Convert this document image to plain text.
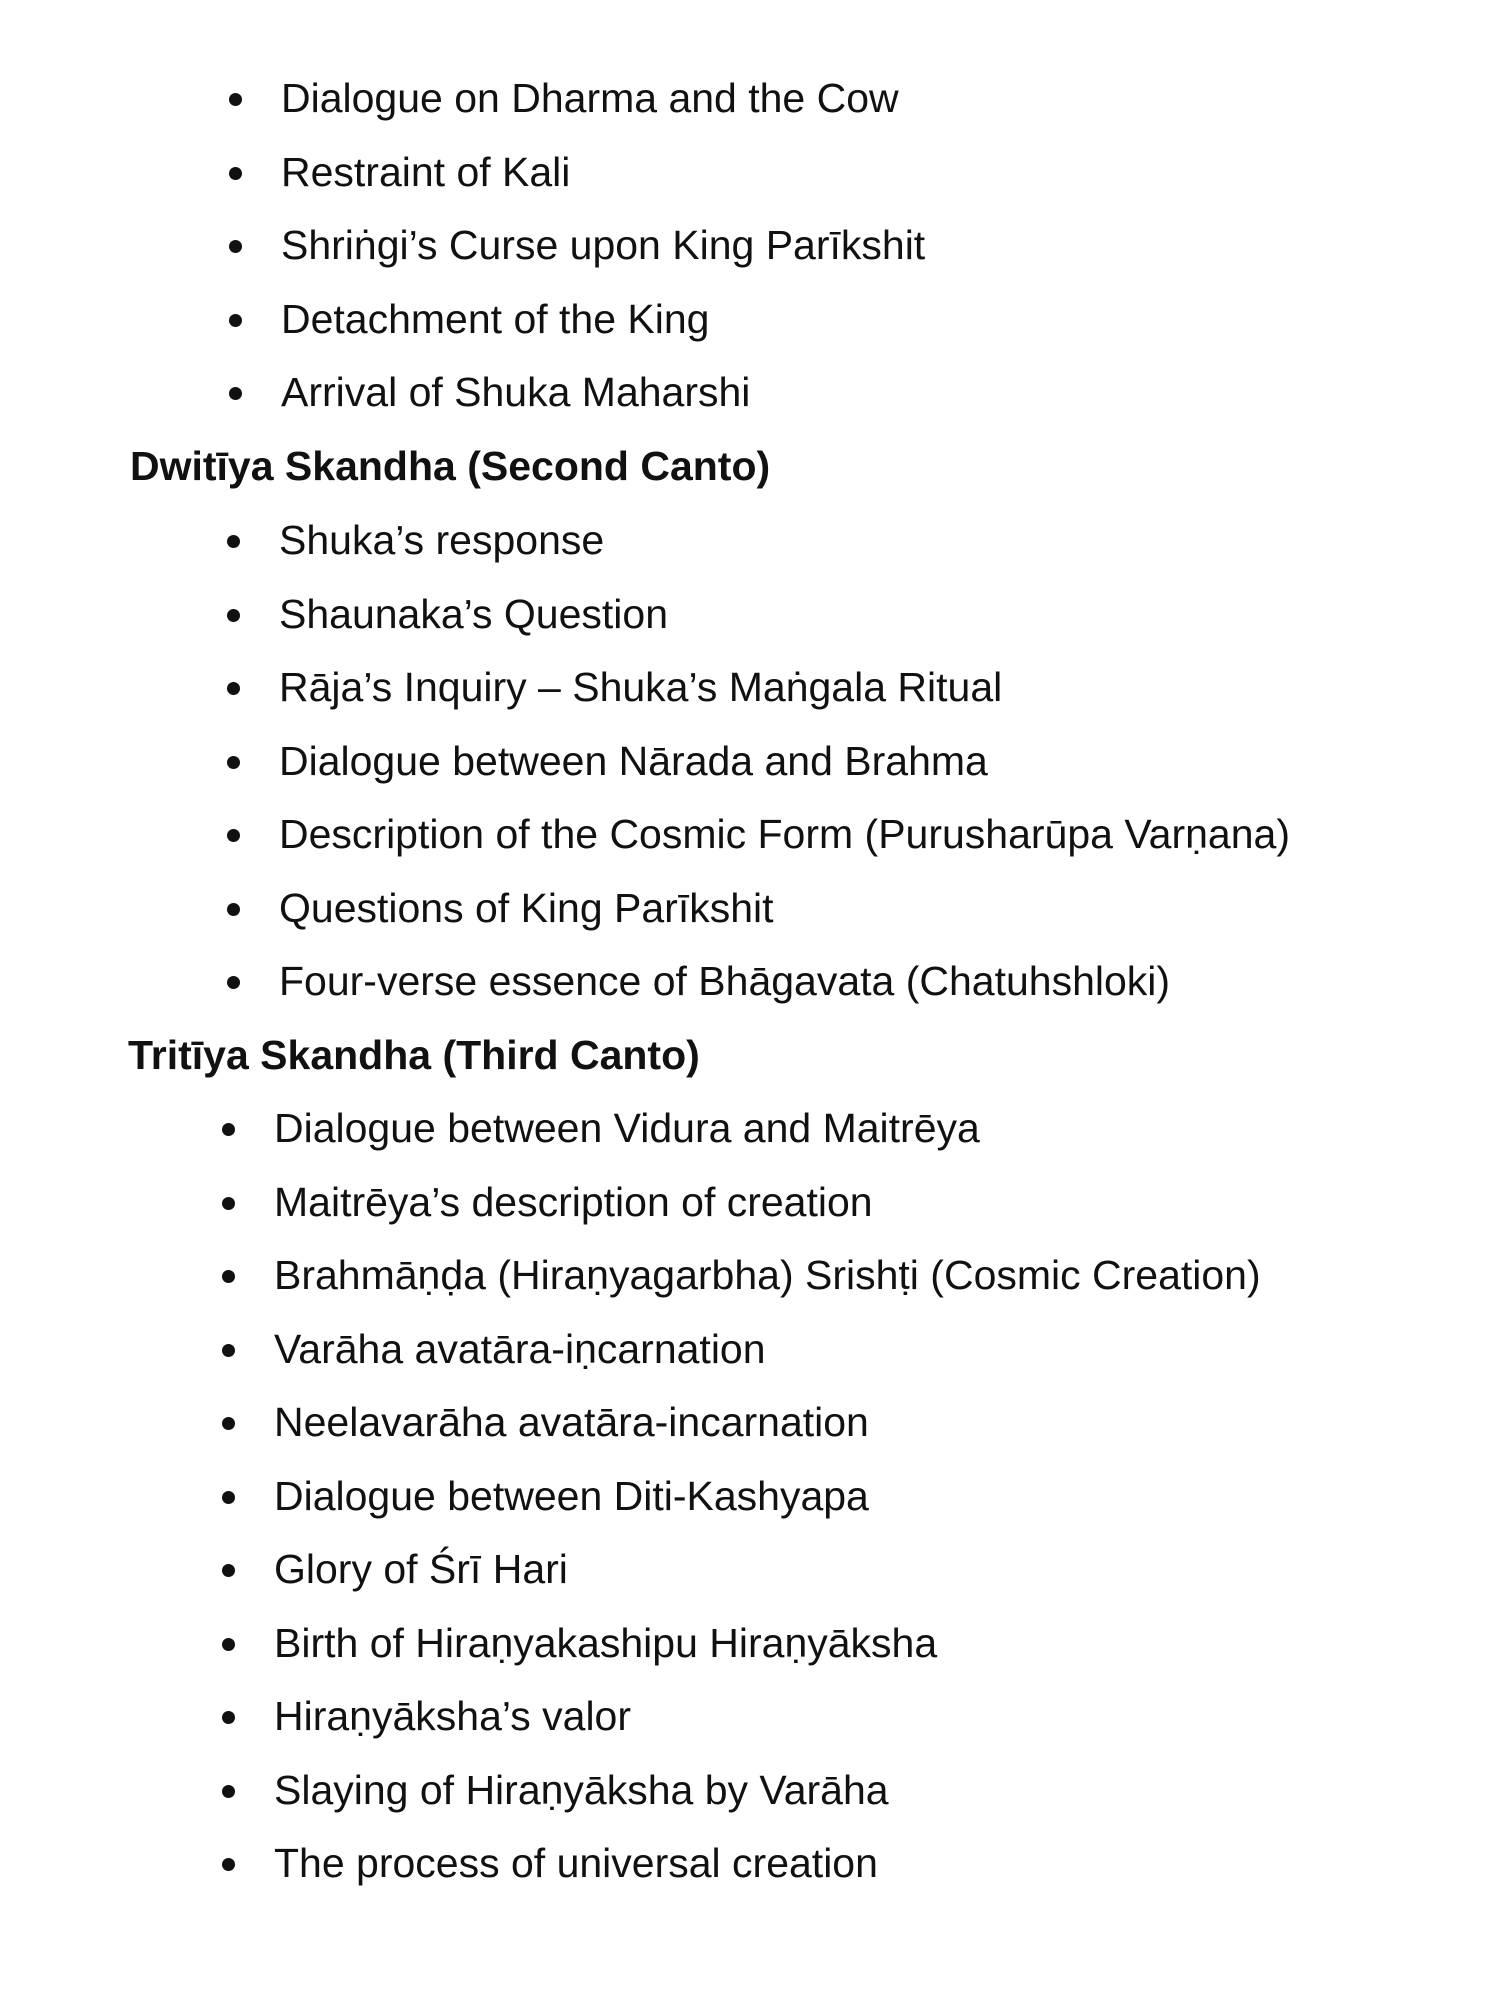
Dialogue on Dharma and the Cow
Restraint of Kali
Shriṅgi’s Curse upon King Parīkshit
Detachment of the King
Arrival of Shuka Maharshi
Dwitīya Skandha (Second Canto)
Shuka’s response
Shaunaka’s Question
Rāja’s Inquiry – Shuka’s Maṅgala Ritual
Dialogue between Nārada and Brahma
Description of the Cosmic Form (Purusharūpa Varṇana)
Questions of King Parīkshit
Four-verse essence of Bhāgavata (Chatuhshloki)
Tritīya Skandha (Third Canto)
Dialogue between Vidura and Maitrēya
Maitrēya’s description of creation
Brahmāṇḍa (Hiraṇyagarbha) Srishṭi (Cosmic Creation)
Varāha avatāra-iṇcarnation
Neelavarāha avatāra-incarnation
Dialogue between Diti-Kashyapa
Glory of Śrī Hari
Birth of Hiraṇyakashipu Hiraṇyāksha
Hiraṇyāksha’s valor
Slaying of Hiraṇyāksha by Varāha
The process of universal creation
